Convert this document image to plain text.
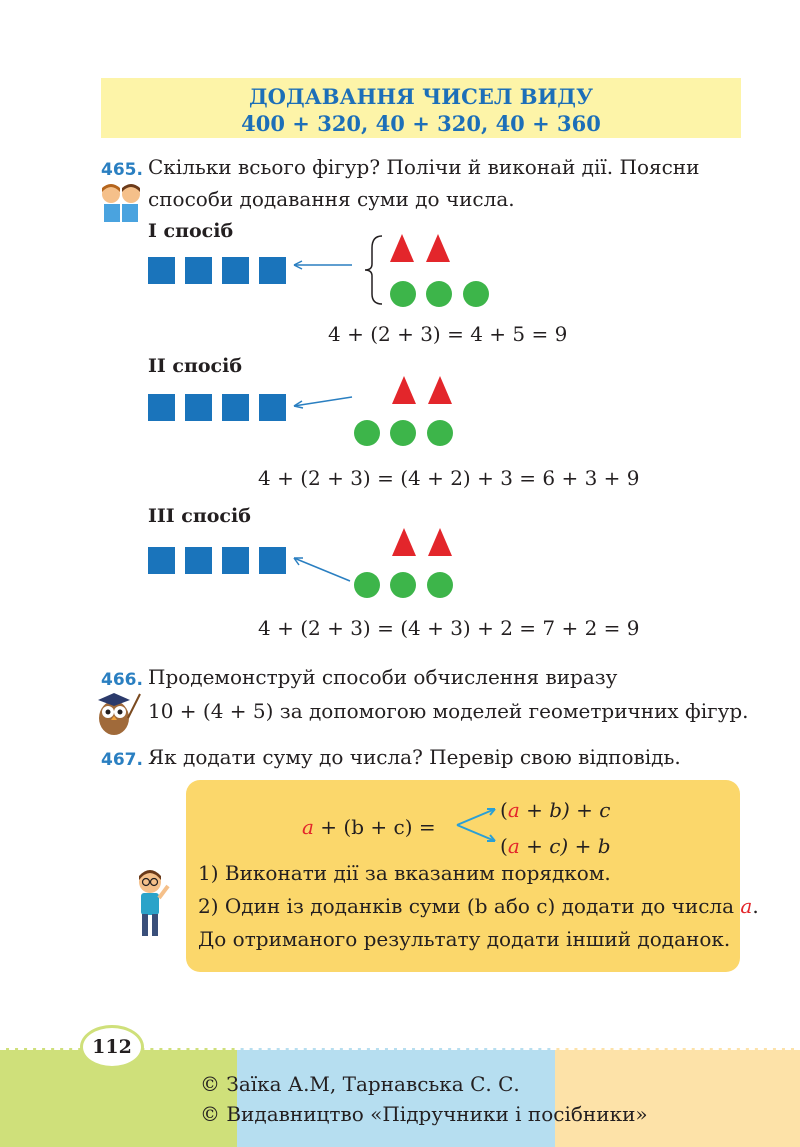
ДОДАВАННЯ ЧИСЕЛ ВИДУ
400 + 320, 40 + 320, 40 + 360
465. Скільки всього фігур? Полічи й виконай дії. Поясни
способи додавання суми до числа.
І спосіб
4 + (2 + 3) = 4 + 5 = 9
ІІ спосіб
4 + (2 + 3) = (4 + 2) + 3 = 6 + 3 + 9
ІІІ спосіб
4 + (2 + 3) = (4 + 3) + 2 = 7 + 2 = 9
466. Продемонструй способи обчислення виразу
10 + (4 + 5) за допомогою моделей геометричних фігур.
467. Як додати суму до числа? Перевір свою відповідь.
a + (b + c) =
(a + b) + c
(a + c) + b
1) Виконати дії за вказаним порядком.
2) Один із доданків суми (b або c) додати до числа a.
До отриманого результату додати інший доданок.
112
© Заїка А.М, Тарнавська С. С.
© Видавництво «Підручники і посібники»
